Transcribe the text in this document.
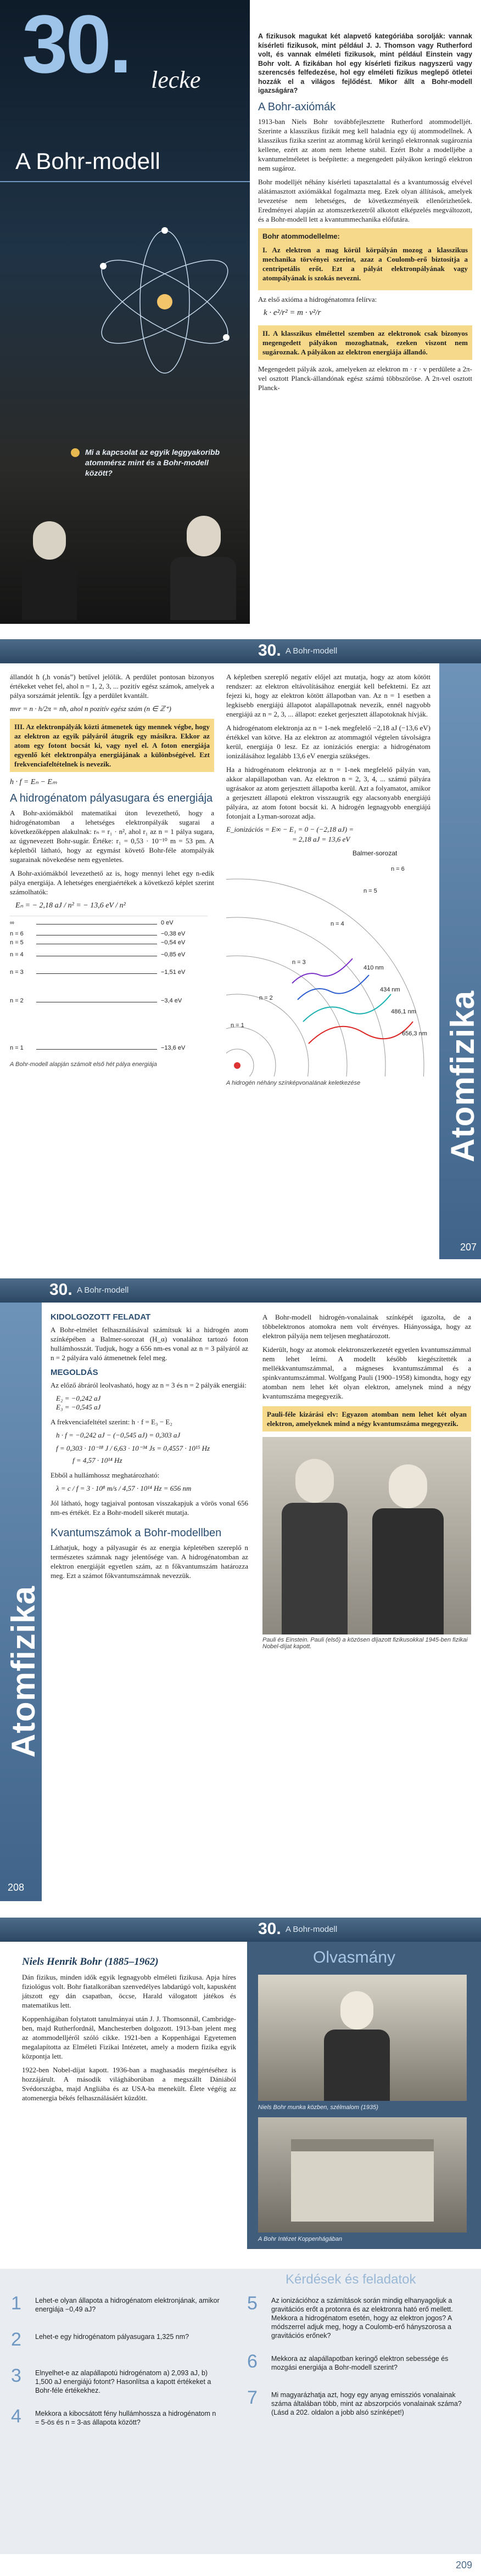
30. lecke
A Bohr-modell
Mi a kapcsolat az egyik leggyakoribb atommérsz mint és a Bohr-modell között?

A fizikusok magukat két alapvető kategóriába sorolják: vannak kísérleti fizikusok, mint például J. J. Thomson vagy Rutherford volt, és vannak elméleti fizikusok, mint például Einstein vagy Bohr volt. A fizikában hol egy kísérleti fizikus nagyszerű vagy szerencsés felfedezése, hol egy elméleti fizikus meglepő ötletei hozzák el a világos fejlődést. Mikor állt a Bohr-modell igazságára?

A Bohr-axiómák

1913-ban Niels Bohr továbbfejlesztette Rutherford atommodelljét. Szerinte a klasszikus fizikát meg kell haladnia egy új atommodellnek. A klasszikus fizika szerint az atommag körül keringő elektronnak sugároznia kellene, ezért az atom nem lehetne stabil. Ezért Bohr a modelljébe a kvantumelméletet is beépítette: a megengedett pályákon keringő elektron nem sugároz.

Bohr modelljét néhány kísérleti tapasztalattal és a kvantumosság elvével alátámasztott axiómákkal fogalmazta meg. Ezek olyan állítások, amelyek levezetése nem lehetséges, de következményeik ellenőrizhetőek. Eredményei alapján az atomszerkezetről alkotott elképzelés megváltozott, és a Bohr-modell lett a kvantummechanika előfutára.

Bohr atommodellelme:

I. Az elektron a mag körül körpályán mozog a klasszikus mechanika törvényei szerint, azaz a Coulomb-erő biztosítja a centripetális erőt. Ezt a pályát elektronpályának vagy atompályának is szokás nevezni.

Az első axióma a hidrogénatomra felírva:

k · e²/r² = m · v²/r

II. A klasszikus elmélettel szemben az elektronok csak bizonyos megengedett pályákon mozoghatnak, ezeken viszont nem sugároznak. A pályákon az elektron energiája állandó.

Megengedett pályák azok, amelyeken az elektron m · r · v perdülete a 2π-vel osztott Planck-állandónak egész számú többszöröse. A 2π-vel osztott Planck-

30. A Bohr-modell
Atomfizika
207

állandót ħ (,h vonás”) betűvel jelölik. A perdület pontosan bizonyos értékeket vehet fel, ahol n = 1, 2, 3, ... pozitív egész számok, amelyek a pálya sorszámát jelentik. Így a perdület kvantált.

mvr = n · h/2π = nħ, ahol n pozitív egész szám (n ∈ ℤ⁺)

III. Az elektronpályák közti átmenetek úgy mennek végbe, hogy az elektron az egyik pályáról átugrik egy másikra. Ekkor az atom egy fotont bocsát ki, vagy nyel el. A foton energiája egyenlő két elektronpálya energiájának a különbségével. Ezt frekvenciafeltételnek is nevezik.

h · f = Eₙ − Eₘ
A hidrogénatom pályasugara és energiája

A Bohr-axiómákból matematikai úton levezethető, hogy a hidrogénatomban a lehetséges elektronpályák sugarai a következőképpen alakulnak: rₙ = r₁ · n², ahol r₁ az n = 1 pálya sugara, az úgynevezett Bohr-sugár. Értéke: r₁ = 0,53 · 10⁻¹⁰ m = 53 pm. A képletből látható, hogy az egymást követő Bohr-féle atompályák sugarainak növekedése nem egyenletes.

A Bohr-axiómákból levezethető az is, hogy mennyi lehet egy n-edik pálya energiája. A lehetséges energiaértékek a következő képlet szerint számolhatók:

Eₙ = − 2,18 aJ / n² = − 13,6 eV / n²
∞	0 eV
n = 6	−0,38 eV
n = 5	−0,54 eV
n = 4	−0,85 eV
n = 3	−1,51 eV
n = 2	−3,4 eV
n = 1	−13,6 eV
A Bohr-modell alapján számolt első hét pálya energiája

A képletben szereplő negatív előjel azt mutatja, hogy az atom kötött rendszer: az elektron eltávolításához energiát kell befektetni. Ez azt fejezi ki, hogy az elektron kötött állapotban van. Az n = 1 esetben a legkisebb energiájú állapotot alapállapotnak nevezik, ennél nagyobb energiájú az n = 2, 3, ... állapot: ezeket gerjesztett állapotoknak hívják.

A hidrogénatom elektronja az n = 1-nek megfelelő −2,18 aJ (−13,6 eV) értékkel van kötve. Ha az elektron az atommagtól végtelen távolságra kerül, energiája 0 lesz. Ez az ionizációs energia: a hidrogénatom ionizálásához legalább 13,6 eV energia szükséges.

Ha a hidrogénatom elektronja az n = 1-nek megfelelő pályán van, akkor alapállapotban van. Az elektron n = 2, 3, 4, ... számú pályára ugrásakor az atom gerjesztett állapotba kerül. Azt a folyamatot, amikor a gerjesztett állapotú elektron visszaugrik egy alacsonyabb energiájú pályára, az atom fotont bocsát ki. A hidrogén legnagyobb energiájú fotonjait a Lyman-sorozat adja.

E_ionizációs = E∞ − E₁ = 0 − (−2,18 aJ) =
= 2,18 aJ = 13,6 eV
Balmer-sorozat
n = 6
n = 5
n = 4
n = 3
n = 2
n = 1
410 nm
434 nm
486,1 nm
656,3 nm
A hidrogén néhány színképvonalának keletkezése
30. A Bohr-modell
Atomfizika
208
KIDOLGOZOTT FELADAT

A Bohr-elmélet felhasználásával számítsuk ki a hidrogén atom színképében a Balmer-sorozat (H_α) vonalához tartozó foton hullámhosszát. Tudjuk, hogy a 656 nm-es vonal az n = 3 pályáról az n = 2 pályára való átmenetnek felel meg.

MEGOLDÁS

Az előző ábráról leolvasható, hogy az n = 3 és n = 2 pályák energiái:

E₂ = −0,242 aJ
E₃ = −0,545 aJ

A frekvenciafeltétel szerint: h · f = E₃ − E₂

h · f = −0,242 aJ − (−0,545 aJ) = 0,303 aJ
f = 0,303 · 10⁻¹⁸ J / 6,63 · 10⁻³⁴ Js = 0,4557 · 10¹⁵ Hz
f = 4,57 · 10¹⁴ Hz

Ebből a hullámhossz meghatározható:

λ = c / f = 3 · 10⁸ m/s / 4,57 · 10¹⁴ Hz = 656 nm

Jól látható, hogy tagjaival pontosan visszakapjuk a vörös vonal 656 nm-es értékét. Ez a Bohr-modell sikerét mutatja.

Kvantumszámok a Bohr-modellben

Láthatjuk, hogy a pályasugár és az energia képletében szereplő n természetes számnak nagy jelentősége van. A hidrogénatomban az elektron energiáját egyetlen szám, az n főkvantumszám határozza meg. Ezt a számot főkvantumszámnak nevezzük.

A Bohr-modell hidrogén-vonalainak színképét igazolta, de a többelektronos atomokra nem volt érvényes. Hiányossága, hogy az elektron pályája nem teljesen meghatározott.

Kiderült, hogy az atomok elektronszerkezetét egyetlen kvantumszámmal nem lehet leírni. A modellt később kiegészítették a mellékkvantumszámmal, a mágneses kvantumszámmal és a spinkvantumszámmal. Wolfgang Pauli (1900–1958) kimondta, hogy egy atomban nem lehet két olyan elektron, amelynek mind a négy kvantumszáma megegyezik.

Pauli-féle kizárási elv: Egyazon atomban nem lehet két olyan elektron, amelyeknek mind a négy kvantumszáma megegyezik.

Pauli és Einstein. Pauli (első) a közösen díjazott fizikusokkal 1945-ben fizikai Nobel-díjat kapott.
30. A Bohr-modell
209
Niels Henrik Bohr (1885–1962)

Dán fizikus, minden idők egyik legnagyobb elméleti fizikusa. Apja híres fiziológus volt. Bohr fiatalkorában szenvedélyes labdarúgó volt, kapusként játszott egy dán csapatban, öccse, Harald válogatott játékos és matematikus lett.

Koppenhágában folytatott tanulmányai után J. J. Thomsonnál, Cambridge-ben, majd Rutherfordnál, Manchesterben dolgozott. 1913-ban jelent meg az atommodelljéről szóló cikke. 1921-ben a Koppenhágai Egyetemen megalapította az Elméleti Fizikai Intézetet, amely a modern fizika egyik központja lett.

1922-ben Nobel-díjat kapott. 1936-ban a maghasadás megértéséhez is hozzájárult. A második világháborúban a megszállt Dániából Svédországba, majd Angliába és az USA-ba menekült. Élete végéig az atomenergia békés felhasználásáért küzdött.

Olvasmány
Niels Bohr munka közben, szélmalom (1935)
A Bohr Intézet Koppenhágában
Kérdések és feladatok
1 Lehet-e olyan állapota a hidrogénatom elektronjának, amikor energiája −0,49 aJ?
2 Lehet-e egy hidrogénatom pályasugara 1,325 nm?
3 Elnyelhet-e az alapállapotú hidrogénatom a) 2,093 aJ, b) 1,500 aJ energiájú fotont? Hasonlítsa a kapott értékeket a Bohr-féle értékekhez.
4 Mekkora a kibocsátott fény hullámhossza a hidrogénatom n = 5-ös és n = 3-as állapota között?
5 Az ionizációhoz a számítások során mindig elhanyagoljuk a gravitációs erőt a protonra és az elektronra ható erő mellett. Mekkora a hidrogénatom esetén, hogy az elektron jogos? A módszerrel adjuk meg, hogy a Coulomb-erő hányszorosa a gravitációs erőnek?
6 Mekkora az alapállapotban keringő elektron sebessége és mozgási energiája a Bohr-modell szerint?
7 Mi magyarázhatja azt, hogy egy anyag emissziós vonalainak száma általában több, mint az abszorpciós vonalainak száma? (Lásd a 202. oldalon a jobb alsó színképet!)
